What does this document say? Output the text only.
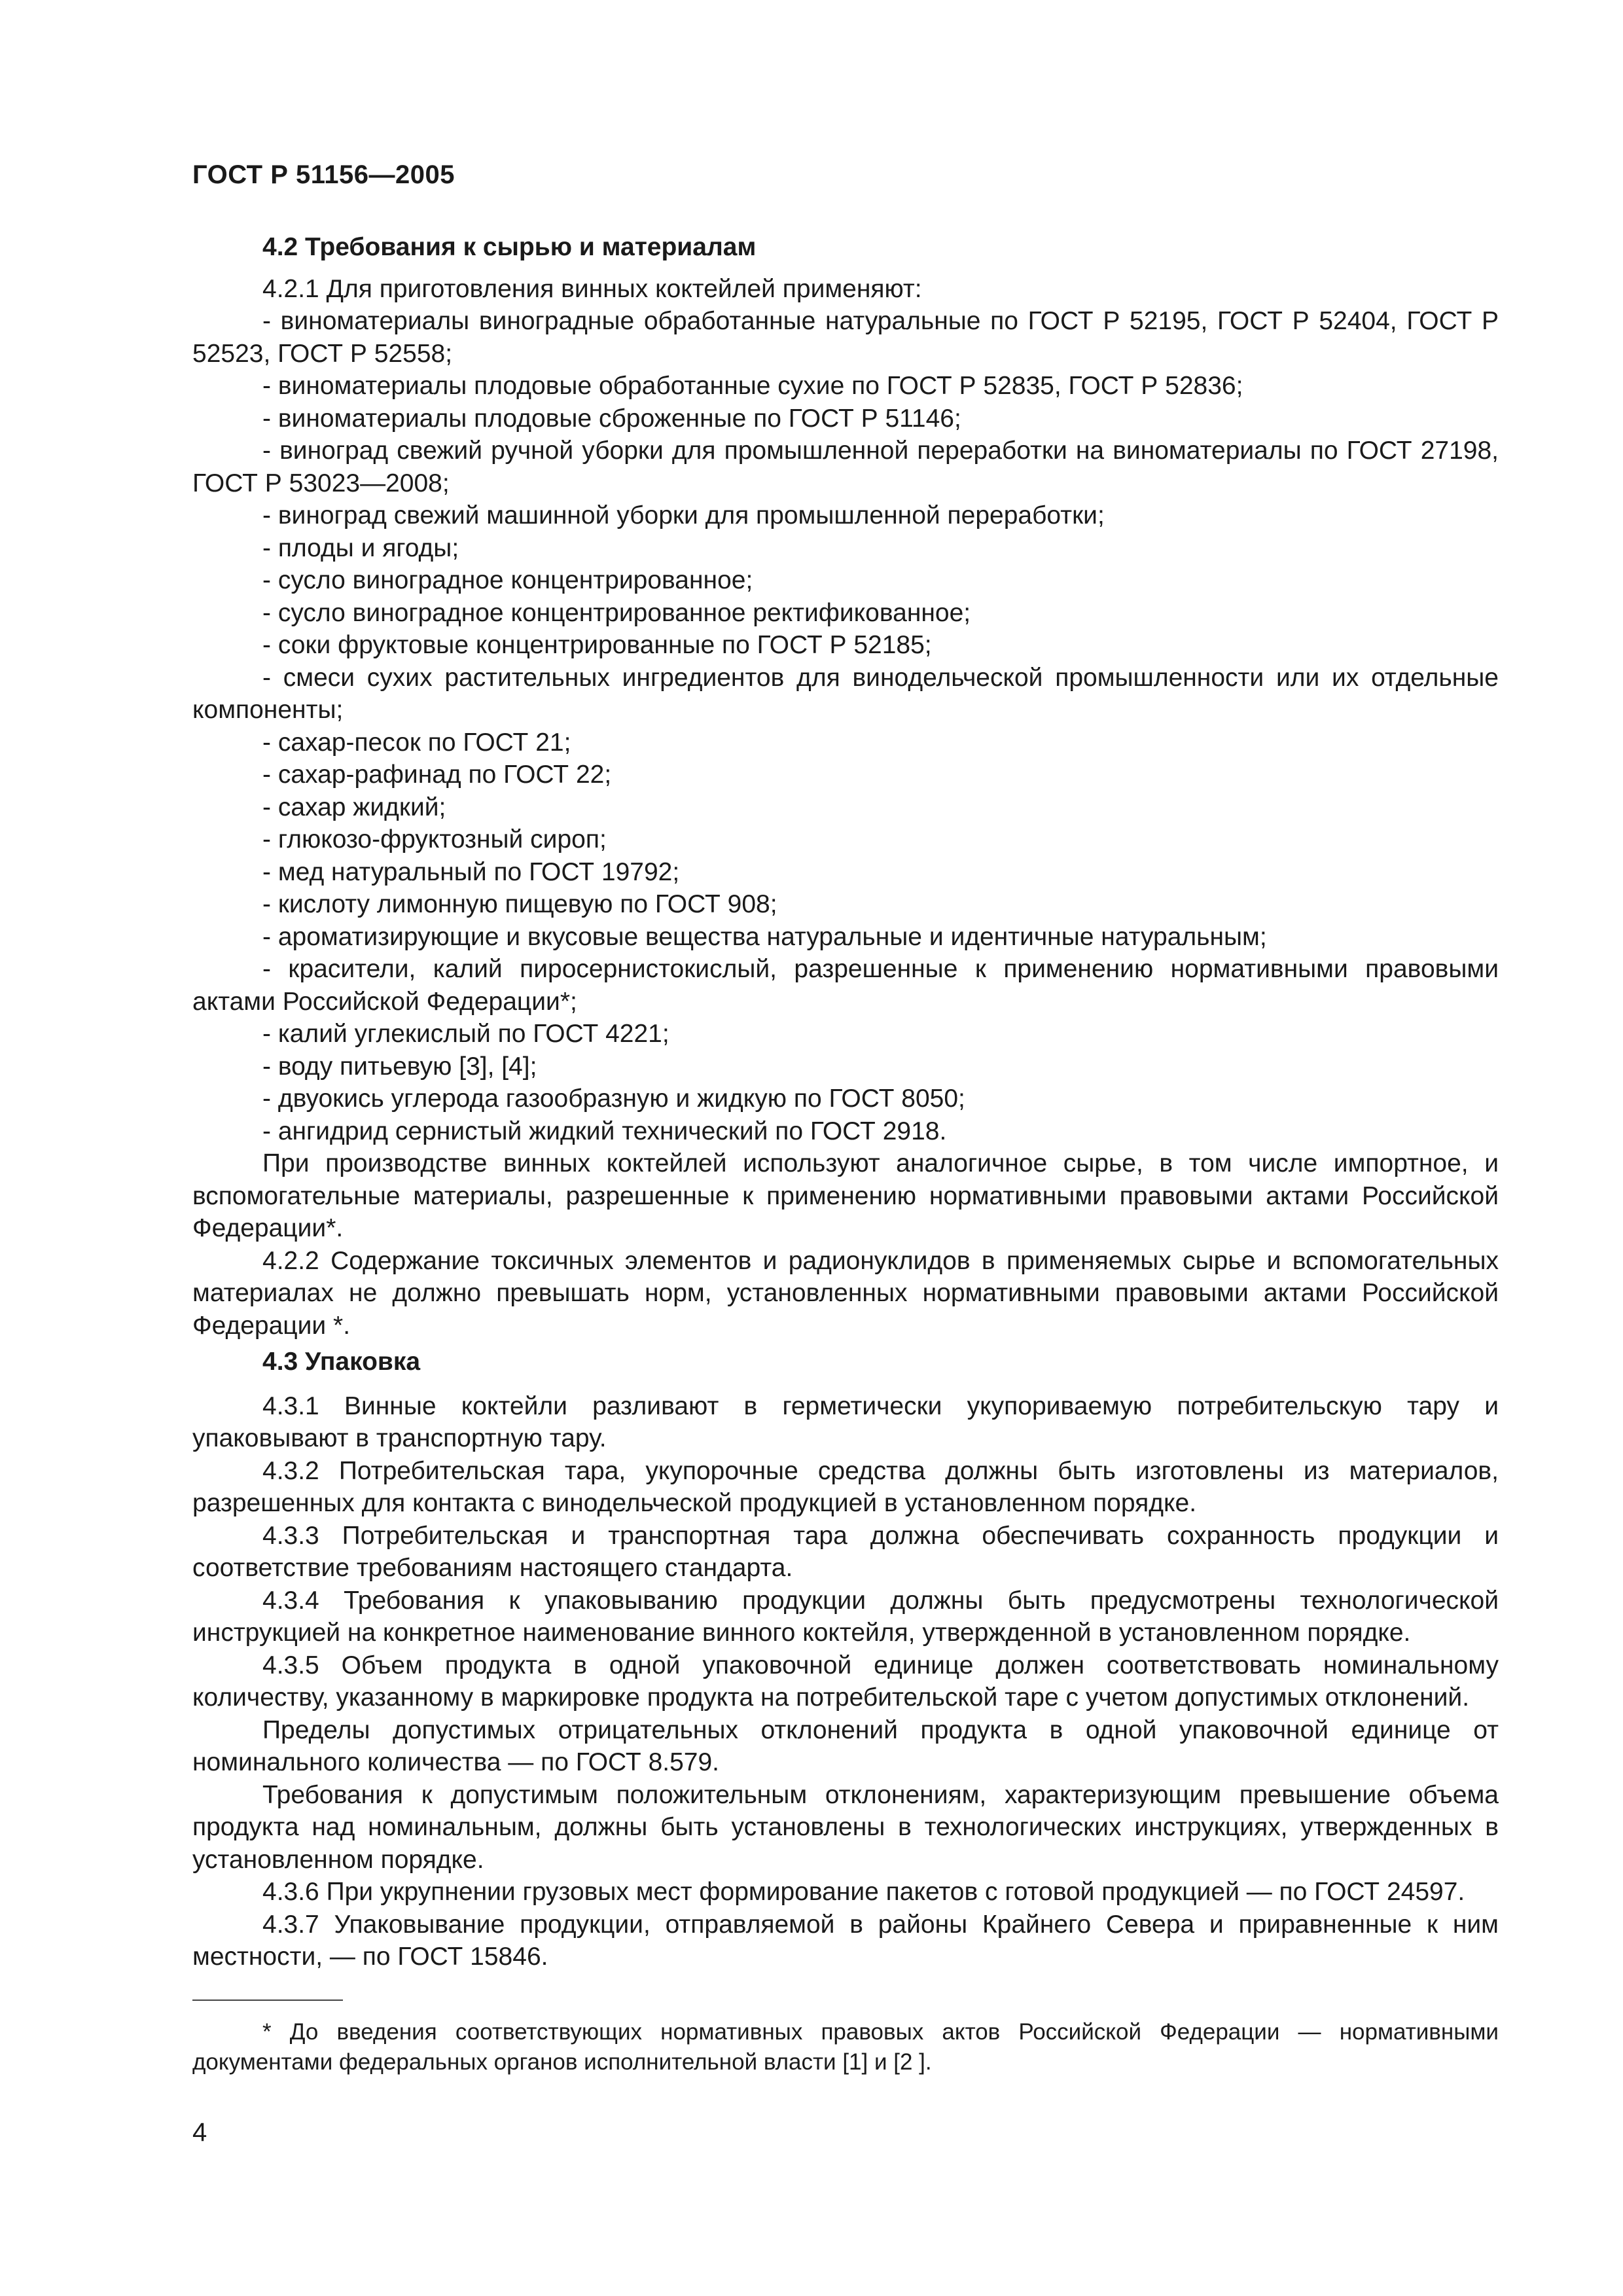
ГОСТ Р 51156—2005

4.2 Требования к сырью и материалам

4.2.1 Для приготовления винных коктейлей применяют:

- виноматериалы виноградные обработанные натуральные по ГОСТ Р 52195, ГОСТ Р 52404, ГОСТ Р 52523, ГОСТ Р 52558;

- виноматериалы плодовые обработанные сухие по ГОСТ Р 52835, ГОСТ Р 52836;

- виноматериалы плодовые сброженные по ГОСТ Р 51146;

- виноград свежий ручной уборки для промышленной переработки на виноматериалы по ГОСТ 27198, ГОСТ Р 53023—2008;

- виноград свежий машинной уборки для промышленной переработки;

- плоды и ягоды;

- сусло виноградное концентрированное;

- сусло виноградное концентрированное ректификованное;

- соки фруктовые концентрированные по ГОСТ Р 52185;

- смеси сухих растительных ингредиентов для винодельческой промышленности или их отдельные компоненты;

- сахар-песок по ГОСТ 21;

- сахар-рафинад по ГОСТ 22;

- сахар жидкий;

- глюкозо-фруктозный сироп;

- мед натуральный по ГОСТ 19792;

- кислоту лимонную пищевую по ГОСТ 908;

- ароматизирующие и вкусовые вещества натуральные и идентичные натуральным;

- красители, калий пиросернистокислый, разрешенные к применению нормативными правовыми актами Российской Федерации*;

- калий углекислый по ГОСТ 4221;

- воду питьевую [3], [4];

- двуокись углерода газообразную и жидкую по ГОСТ 8050;

- ангидрид сернистый жидкий технический по ГОСТ 2918.

При производстве винных коктейлей используют аналогичное сырье, в том числе импортное, и вспомогательные материалы, разрешенные к применению нормативными правовыми актами Российской Федерации*.

4.2.2 Содержание токсичных элементов и радионуклидов в применяемых сырье и вспомогательных материалах не должно превышать норм, установленных нормативными правовыми актами Российской Федерации *.

4.3 Упаковка

4.3.1 Винные коктейли разливают в герметически укупориваемую потребительскую тару и упаковывают в транспортную тару.

4.3.2 Потребительская тара, укупорочные средства должны быть изготовлены из материалов, разрешенных для контакта с винодельческой продукцией в установленном порядке.

4.3.3 Потребительская и транспортная тара должна обеспечивать сохранность продукции и соответствие требованиям настоящего стандарта.

4.3.4 Требования к упаковыванию продукции должны быть предусмотрены технологической инструкцией на конкретное наименование винного коктейля, утвержденной в установленном порядке.

4.3.5 Объем продукта в одной упаковочной единице должен соответствовать номинальному количеству, указанному в маркировке продукта на потребительской таре с учетом допустимых отклонений.

Пределы допустимых отрицательных отклонений продукта в одной упаковочной единице от номинального количества — по ГОСТ 8.579.

Требования к допустимым положительным отклонениям, характеризующим превышение объема продукта над номинальным, должны быть установлены в технологических инструкциях, утвержденных в установленном порядке.

4.3.6 При укрупнении грузовых мест формирование пакетов с готовой продукцией — по ГОСТ 24597.

4.3.7 Упаковывание продукции, отправляемой в районы Крайнего Севера и приравненные к ним местности, — по ГОСТ 15846.

* До введения соответствующих нормативных правовых актов Российской Федерации — нормативными документами федеральных органов исполнительной власти [1] и [2 ].

4
